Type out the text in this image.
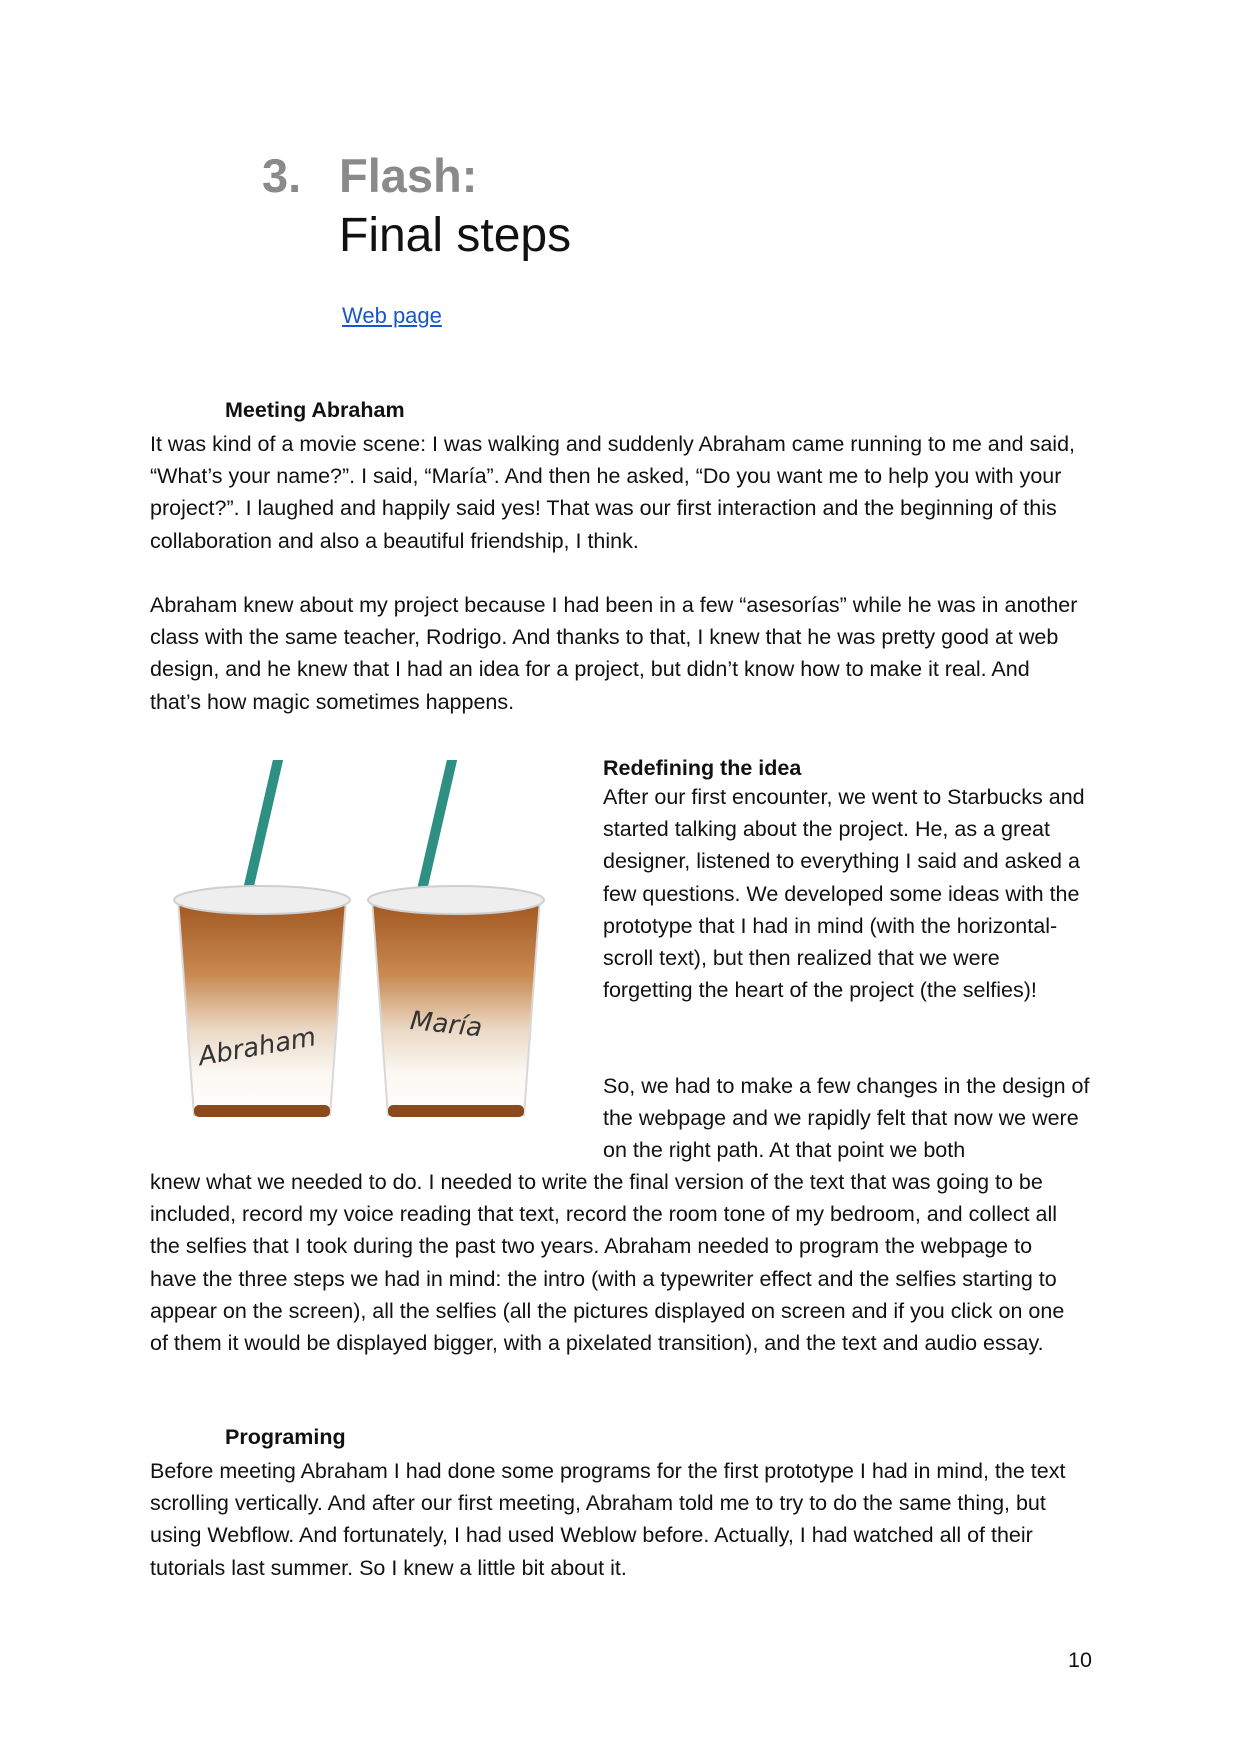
3. Flash:
Final steps
Web page
Meeting Abraham

It was kind of a movie scene: I was walking and suddenly Abraham came running to me and said, “What’s your name?”. I said, “María”. And then he asked, “Do you want me to help you with your project?”. I laughed and happily said yes! That was our first interaction and the beginning of this collaboration and also a beautiful friendship, I think.

Abraham knew about my project because I had been in a few “asesorías” while he was in another class with the same teacher, Rodrigo. And thanks to that, I knew that he was pretty good at web design, and he knew that I had an idea for a project, but didn’t know how to make it real. And that’s how magic sometimes happens.

Abraham	María
Redefining the idea
After our first encounter, we went to Starbucks and started talking about the project. He, as a great designer, listened to everything I said and asked a few questions. We developed some ideas with the prototype that I had in mind (with the horizontal-scroll text), but then realized that we were forgetting the heart of the project (the selfies)!
So, we had to make a few changes in the design of the webpage and we rapidly felt that now we were on the right path. At that point we both

knew what we needed to do. I needed to write the final version of the text that was going to be included, record my voice reading that text, record the room tone of my bedroom, and collect all the selfies that I took during the past two years. Abraham needed to program the webpage to have the three steps we had in mind: the intro (with a typewriter effect and the selfies starting to appear on the screen), all the selfies (all the pictures displayed on screen and if you click on one of them it would be displayed bigger, with a pixelated transition), and the text and audio essay.

Programing

Before meeting Abraham I had done some programs for the first prototype I had in mind, the text scrolling vertically. And after our first meeting, Abraham told me to try to do the same thing, but using Webflow. And fortunately, I had used Weblow before. Actually, I had watched all of their tutorials last summer. So I knew a little bit about it.

10
